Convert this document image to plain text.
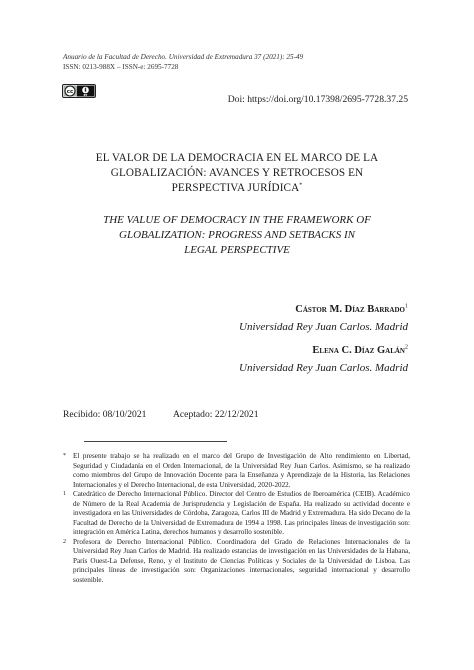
Anuario de la Facultad de Derecho. Universidad de Extremadura 37 (2021): 25-49
ISSN: 0213-988X – ISSN-e: 2695-7728
cc
BY	Doi: https://doi.org/10.17398/2695-7728.37.25
EL VALOR DE LA DEMOCRACIA EN EL MARCO DE LA
GLOBALIZACIÓN: AVANCES Y RETROCESOS EN
PERSPECTIVA JURÍDICA*
THE VALUE OF DEMOCRACY IN THE FRAMEWORK OF
GLOBALIZATION: PROGRESS AND SETBACKS IN
LEGAL PERSPECTIVE
Cástor M. Díaz Barrado$^1$
Universidad Rey Juan Carlos. Madrid
Elena C. Díaz Galán$^2$
Universidad Rey Juan Carlos. Madrid
Recibido: 08/10/2021	Aceptado: 22/12/2021
* El presente trabajo se ha realizado en el marco del Grupo de Investigación de Alto rendimiento en Libertad, Seguridad y Ciudadanía en el Orden Internacional, de la Universidad Rey Juan Carlos. Asimismo, se ha realizado como miembros del Grupo de Innovación Docente para la Enseñanza y Aprendizaje de la Historia, las Relaciones Internacionales y el Derecho Internacional, de esta Universidad, 2020-2022.
1 Catedrático de Derecho Internacional Público. Director del Centro de Estudios de Iberoamérica (CEIB). Académico de Número de la Real Academia de Jurisprudencia y Legislación de España. Ha realizado su actividad docente e investigadora en las Universidades de Córdoba, Zaragoza, Carlos III de Madrid y Extremadura. Ha sido Decano de la Facultad de Derecho de la Universidad de Extremadura de 1994 a 1998. Las principales líneas de investigación son: integración en América Latina, derechos humanos y desarrollo sostenible.
2 Profesora de Derecho Internacional Público. Coordinadora del Grado de Relaciones Internacionales de la Universidad Rey Juan Carlos de Madrid. Ha realizado estancias de investigación en las Universidades de la Habana, París Ouest-La Defense, Reno, y el Instituto de Ciencias Políticas y Sociales de la Universidad de Lisboa. Las principales líneas de investigación son: Organizaciones internacionales, seguridad internacional y desarrollo sostenible.
